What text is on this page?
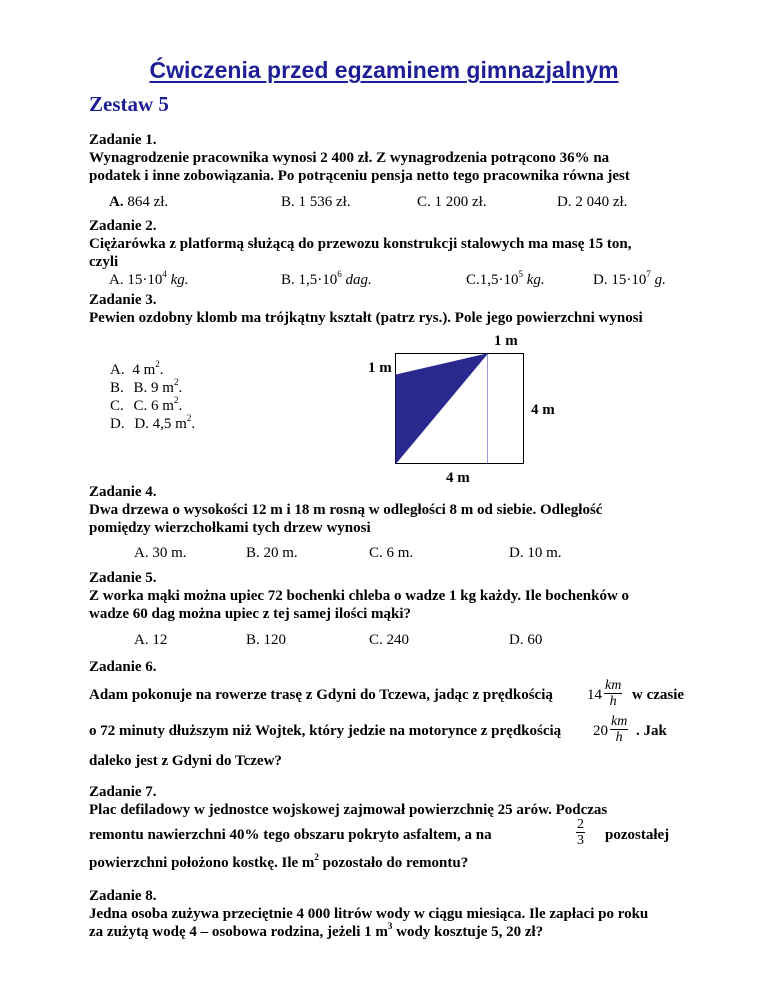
Ćwiczenia przed egzaminem gimnazjalnym
Zestaw 5
Zadanie 1.
Wynagrodzenie pracownika wynosi 2 400 zł. Z wynagrodzenia potrącono 36% na
podatek i inne zobowiązania. Po potrąceniu pensja netto tego pracownika równa jest
A. 864 zł.	B. 1 536 zł.	C. 1 200 zł.	D. 2 040 zł.
Zadanie 2.
Ciężarówka z platformą służącą do przewozu konstrukcji stalowych ma masę 15 ton,
czyli
A. $15\cdot 10^4$ kg.	B. $1,5\cdot 10^6$ dag.	$C.1,5\cdot 10^5$ kg.	D. $15\cdot 10^7$ g.
Zadanie 3.
Pewien ozdobny klomb ma trójkątny kształt (patrz rys.). Pole jego powierzchni wynosi
A. 4 $m^2$.
B. B. 9 $m^2$.
C. C. 6 $m^2$.
D. D. 4,5 $m^2$.
1 m
1 m
4 m
4 m
Zadanie 4.
Dwa drzewa o wysokości 12 m i 18 m rosną w odległości 8 m od siebie. Odległość
pomiędzy wierzchołkami tych drzew wynosi
A. 30 m.	B. 20 m.	C. 6 m.	D. 10 m.
Zadanie 5.
Z worka mąki można upiec 72 bochenki chleba o wadze 1 kg każdy. Ile bochenków o
wadze 60 dag można upiec z tej samej ilości mąki?
A. 12	B. 120	C. 240	D. 60
Zadanie 6.
Adam pokonuje na rowerze trasę z Gdyni do Tczewa, jadąc z prędkością $14 \frac{km}{h}$ w czasie
o 72 minuty dłuższym niż Wojtek, który jedzie na motorynce z prędkością $20 \frac{km}{h}$ . Jak
daleko jest z Gdyni do Tczew?
Zadanie 7.
Plac defiladowy w jednostce wojskowej zajmował powierzchnię 25 arów. Podczas
remontu nawierzchni 40% tego obszaru pokryto asfaltem, a na	$\frac{2}{3}$ pozostałej
powierzchni położono kostkę. Ile $m^2$ pozostało do remontu?
Zadanie 8.
Jedna osoba zużywa przeciętnie 4 000 litrów wody w ciągu miesiąca. Ile zapłaci po roku
za zużytą wodę 4 – osobowa rodzina, jeżeli 1 $m^3$ wody kosztuje 5, 20 zł?
